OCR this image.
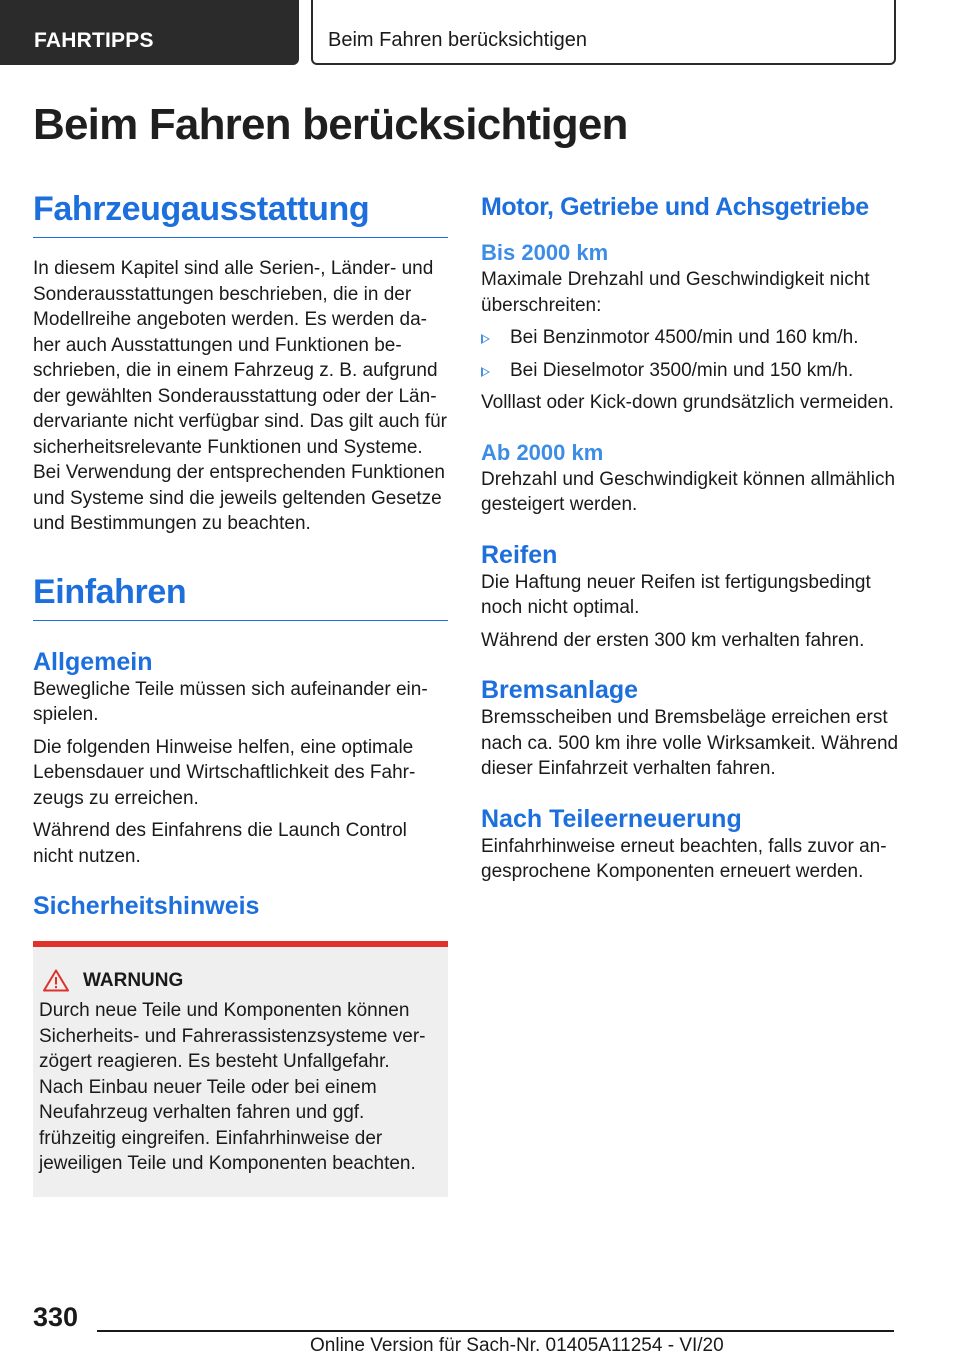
FAHRTIPPS	Beim Fahren berücksichtigen
Beim Fahren berücksichtigen
Fahrzeugausstattung

In diesem Kapitel sind alle Serien-, Länder- und Sonderausstattungen beschrieben, die in der Modellreihe angeboten werden. Es werden daher auch Ausstattungen und Funktionen beschrieben, die in einem Fahrzeug z. B. aufgrund der gewählten Sonderausstattung oder der Ländervariante nicht verfügbar sind. Das gilt auch für sicherheitsrelevante Funktionen und Systeme. Bei Verwendung der entsprechenden Funktionen und Systeme sind die jeweils geltenden Gesetze und Bestimmungen zu beachten.

Einfahren
Allgemein

Bewegliche Teile müssen sich aufeinander einspielen.

Die folgenden Hinweise helfen, eine optimale Lebensdauer und Wirtschaftlichkeit des Fahrzeugs zu erreichen.

Während des Einfahrens die Launch Control nicht nutzen.

Sicherheitshinweis
WARNUNG

Durch neue Teile und Komponenten können Sicherheits- und Fahrerassistenzsysteme verzögert reagieren. Es besteht Unfallgefahr. Nach Einbau neuer Teile oder bei einem Neufahrzeug verhalten fahren und ggf. frühzeitig eingreifen. Einfahrhinweise der jeweiligen Teile und Komponenten beachten.

Motor, Getriebe und Achsgetriebe
Bis 2000 km

Maximale Drehzahl und Geschwindigkeit nicht überschreiten:

Bei Benzinmotor 4500/min und 160 km/h.
Bei Dieselmotor 3500/min und 150 km/h.

Volllast oder Kick-down grundsätzlich vermeiden.

Ab 2000 km

Drehzahl und Geschwindigkeit können allmählich gesteigert werden.

Reifen

Die Haftung neuer Reifen ist fertigungsbedingt noch nicht optimal.

Während der ersten 300 km verhalten fahren.

Bremsanlage

Bremsscheiben und Bremsbeläge erreichen erst nach ca. 500 km ihre volle Wirksamkeit. Während dieser Einfahrzeit verhalten fahren.

Nach Teileerneuerung

Einfahrhinweise erneut beachten, falls zuvor angesprochene Komponenten erneuert werden.

330
Online Version für Sach-Nr. 01405A11254 - VI/20
